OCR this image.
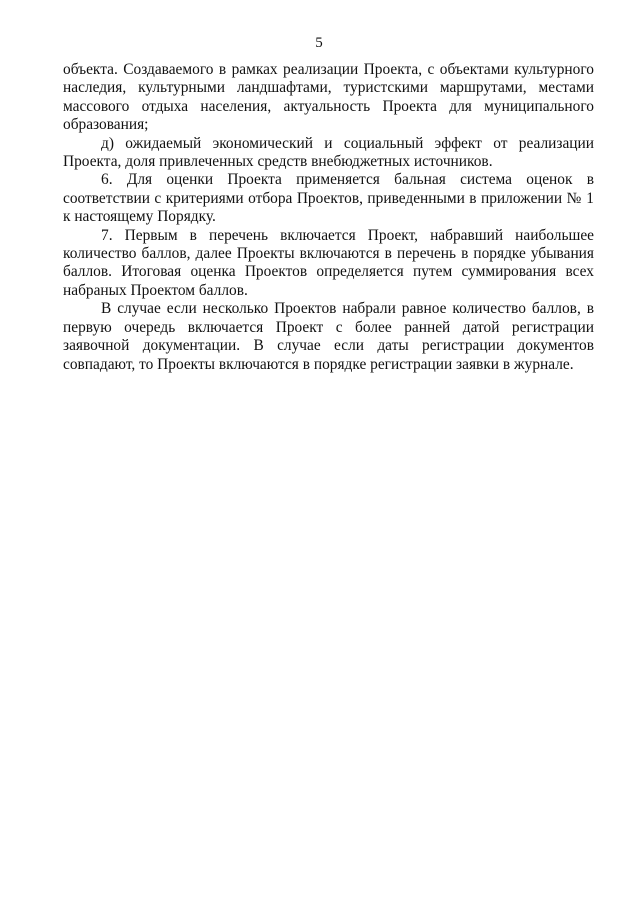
5

объекта. Создаваемого в рамках реализации Проекта, с объектами культурного наследия, культурными ландшафтами, туристскими маршрутами, местами массового отдыха населения, актуальность Проекта для муниципального образования;

д) ожидаемый экономический и социальный эффект от реализации Проекта, доля привлеченных средств внебюджетных источников.

6. Для оценки Проекта применяется бальная система оценок в соответствии с критериями отбора Проектов, приведенными в приложении № 1 к настоящему Порядку.

7. Первым в перечень включается Проект, набравший наибольшее количество баллов, далее Проекты включаются в перечень в порядке убывания баллов. Итоговая оценка Проектов определяется путем суммирования всех набраных Проектом баллов.

В случае если несколько Проектов набрали равное количество баллов, в первую очередь включается Проект с более ранней датой регистрации заявочной документации. В случае если даты регистрации документов совпадают, то Проекты включаются в порядке регистрации заявки в журнале.
